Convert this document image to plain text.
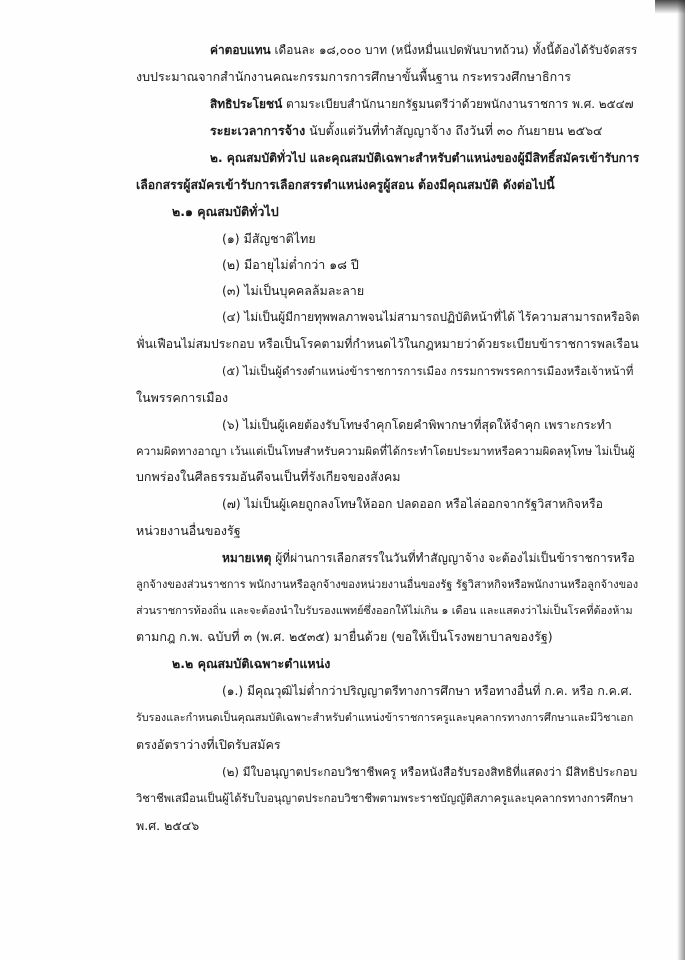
ค่าตอบแทน เดือนละ ๑๘,๐๐๐ บาท (หนึ่งหมื่นแปดพันบาทถ้วน) ทั้งนี้ต้องได้รับจัดสรร
งบประมาณจากสำนักงานคณะกรรมการการศึกษาขั้นพื้นฐาน กระทรวงศึกษาธิการ
สิทธิประโยชน์ ตามระเบียบสำนักนายกรัฐมนตรีว่าด้วยพนักงานราชการ พ.ศ. ๒๕๔๗
ระยะเวลาการจ้าง นับตั้งแต่วันที่ทำสัญญาจ้าง ถึงวันที่ ๓๐ กันยายน ๒๕๖๔
๒. คุณสมบัติทั่วไป และคุณสมบัติเฉพาะสำหรับตำแหน่งของผู้มีสิทธิ์สมัครเข้ารับการ
เลือกสรรผู้สมัครเข้ารับการเลือกสรรตำแหน่งครูผู้สอน ต้องมีคุณสมบัติ ดังต่อไปนี้
๒.๑ คุณสมบัติทั่วไป
(๑) มีสัญชาติไทย
(๒) มีอายุไม่ต่ำกว่า ๑๘ ปี
(๓) ไม่เป็นบุคคลล้มละลาย
(๔) ไม่เป็นผู้มีกายทุพพลภาพจนไม่สามารถปฏิบัติหน้าที่ได้ ไร้ความสามารถหรือจิต
ฟั่นเฟือนไม่สมประกอบ หรือเป็นโรคตามที่กำหนดไว้ในกฎหมายว่าด้วยระเบียบข้าราชการพลเรือน
(๕) ไม่เป็นผู้ดำรงตำแหน่งข้าราชการการเมือง กรรมการพรรคการเมืองหรือเจ้าหน้าที่
ในพรรคการเมือง
(๖) ไม่เป็นผู้เคยต้องรับโทษจำคุกโดยคำพิพากษาที่สุดให้จำคุก เพราะกระทำ
ความผิดทางอาญา เว้นแต่เป็นโทษสำหรับความผิดที่ได้กระทำโดยประมาทหรือความผิดลหุโทษ ไม่เป็นผู้
บกพร่องในศีลธรรมอันดีจนเป็นที่รังเกียจของสังคม
(๗) ไม่เป็นผู้เคยถูกลงโทษให้ออก ปลดออก หรือไล่ออกจากรัฐวิสาหกิจหรือ
หน่วยงานอื่นของรัฐ
หมายเหตุ ผู้ที่ผ่านการเลือกสรรในวันที่ทำสัญญาจ้าง จะต้องไม่เป็นข้าราชการหรือ
ลูกจ้างของส่วนราชการ พนักงานหรือลูกจ้างของหน่วยงานอื่นของรัฐ รัฐวิสาหกิจหรือพนักงานหรือลูกจ้างของ
ส่วนราชการท้องถิ่น และจะต้องนำใบรับรองแพทย์ซึ่งออกให้ไม่เกิน ๑ เดือน และแสดงว่าไม่เป็นโรคที่ต้องห้าม
ตามกฎ ก.พ. ฉบับที่ ๓ (พ.ศ. ๒๕๓๕) มายื่นด้วย (ขอให้เป็นโรงพยาบาลของรัฐ)
๒.๒ คุณสมบัติเฉพาะตำแหน่ง
(๑.) มีคุณวุฒิไม่ต่ำกว่าปริญญาตรีทางการศึกษา หรือทางอื่นที่ ก.ค. หรือ ก.ค.ศ.
รับรองและกำหนดเป็นคุณสมบัติเฉพาะสำหรับตำแหน่งข้าราชการครูและบุคลากรทางการศึกษาและมีวิชาเอก
ตรงอัตราว่างที่เปิดรับสมัคร
(๒) มีใบอนุญาตประกอบวิชาชีพครู หรือหนังสือรับรองสิทธิที่แสดงว่า มีสิทธิประกอบ
วิชาชีพเสมือนเป็นผู้ได้รับใบอนุญาตประกอบวิชาชีพตามพระราชบัญญัติสภาครูและบุคลากรทางการศึกษา
พ.ศ. ๒๕๔๖
